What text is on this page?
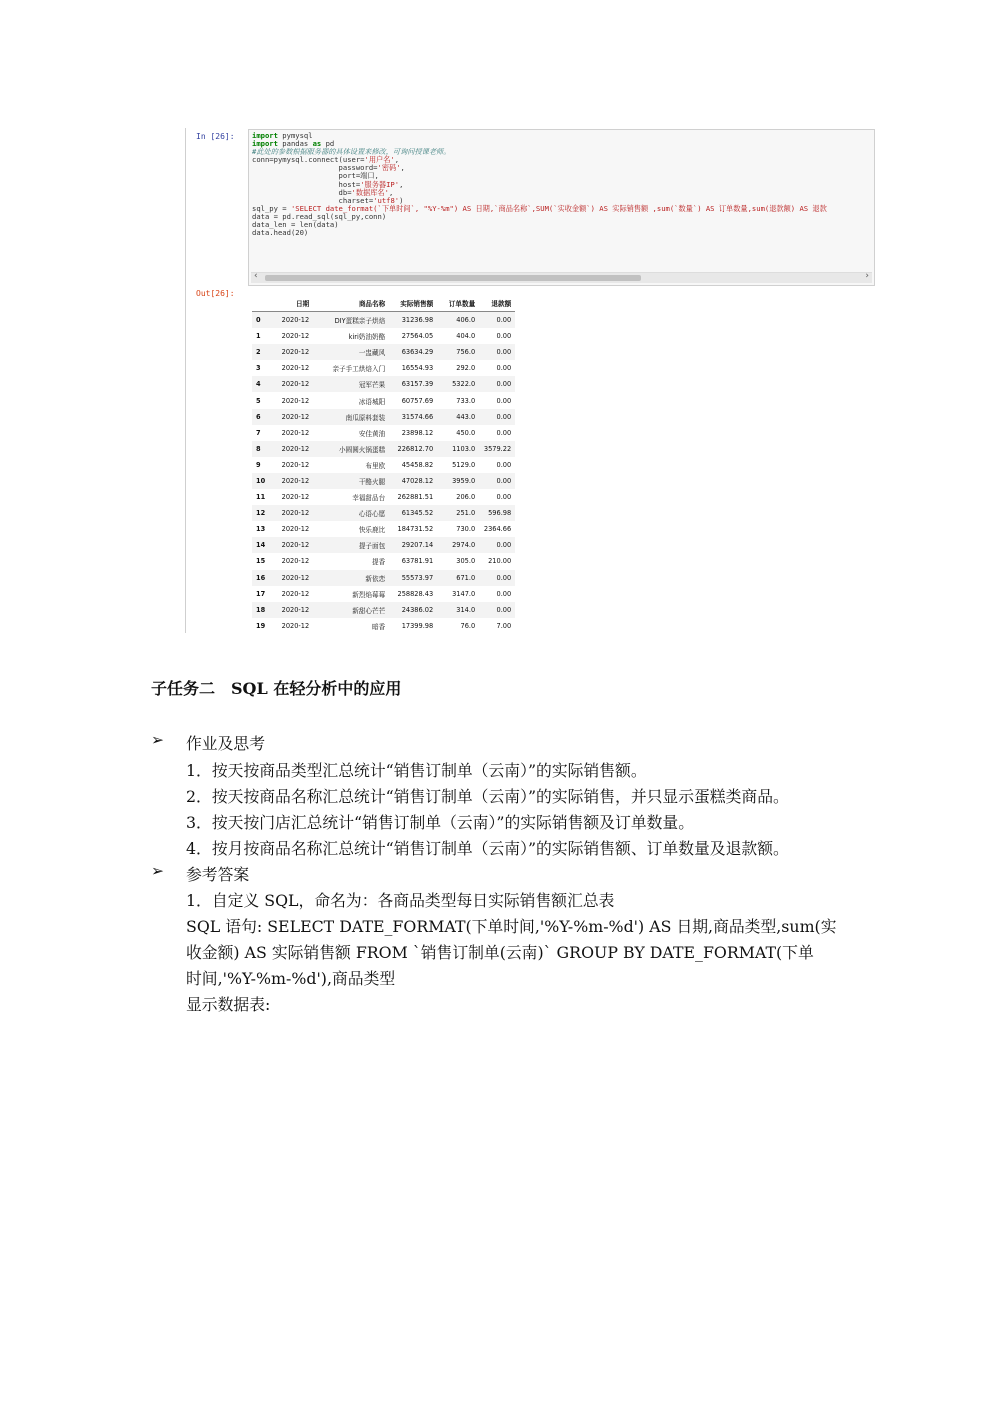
In [26]: import pymysql
import pandas as pd
#此处的参数根据服务器的具体设置来修改，可询问授课老师。
conn=pymysql.connect(user='用户名',
password='密码',
port=端口,
host='服务器IP',
db='数据库名',
charset='utf8')
sql_py = 'SELECT date_format(`下单时间`, "%Y-%m") AS 日期,`商品名称`,SUM(`实收金额`) AS 实际销售额 ,sum(`数量`) AS 订单数量,sum(退款额) AS 退款
data = pd.read_sql(sql_py,conn)
data_len = len(data)
data.head(20)
‹	›
Out[26]:
	日期	商品名称	实际销售额	订单数量	退款额
0	2020-12	DIY蛋糕亲子烘焙	31236.98	406.0	0.00
1	2020-12	kiri奶油奶酪	27564.05	404.0	0.00
2	2020-12	一盅藏风	63634.29	756.0	0.00
3	2020-12	亲子手工烘焙入门	16554.93	292.0	0.00
4	2020-12	冠军芒果	63157.39	5322.0	0.00
5	2020-12	冰语城阳	60757.69	733.0	0.00
6	2020-12	南瓜原料套装	31574.66	443.0	0.00
7	2020-12	安佳黄油	23898.12	450.0	0.00
8	2020-12	小圆圆火锅蛋糕	226812.70	1103.0	3579.22
9	2020-12	布里欧	45458.82	5129.0	0.00
10	2020-12	干酪火腿	47028.12	3959.0	0.00
11	2020-12	幸福甜品台	262881.51	206.0	0.00
12	2020-12	心语心愿	61345.52	251.0	596.98
13	2020-12	快乐鹿比	184731.52	730.0	2364.66
14	2020-12	提子面包	29207.14	2974.0	0.00
15	2020-12	提香	63781.91	305.0	210.00
16	2020-12	新依恋	55573.97	671.0	0.00
17	2020-12	新烈焰莓莓	258828.43	3147.0	0.00
18	2020-12	新甜心芒芒	24386.02	314.0	0.00
19	2020-12	暗香	17399.98	76.0	7.00
子任务二　SQL 在轻分析中的应用
➢ 作业及思考
1．按天按商品类型汇总统计“销售订制单（云南）”的实际销售额。
2．按天按商品名称汇总统计“销售订制单（云南）”的实际销售，并只显示蛋糕类商品。
3．按天按门店汇总统计“销售订制单（云南）”的实际销售额及订单数量。
4．按月按商品名称汇总统计“销售订制单（云南）”的实际销售额、订单数量及退款额。
➢ 参考答案
1．自定义 SQL，命名为：各商品类型每日实际销售额汇总表
SQL 语句: SELECT DATE_FORMAT(下单时间,'%Y-%m-%d') AS 日期,商品类型,sum(实
收金额) AS 实际销售额 FROM `销售订制单(云南)` GROUP BY DATE_FORMAT(下单
时间,'%Y-%m-%d'),商品类型
显示数据表:
